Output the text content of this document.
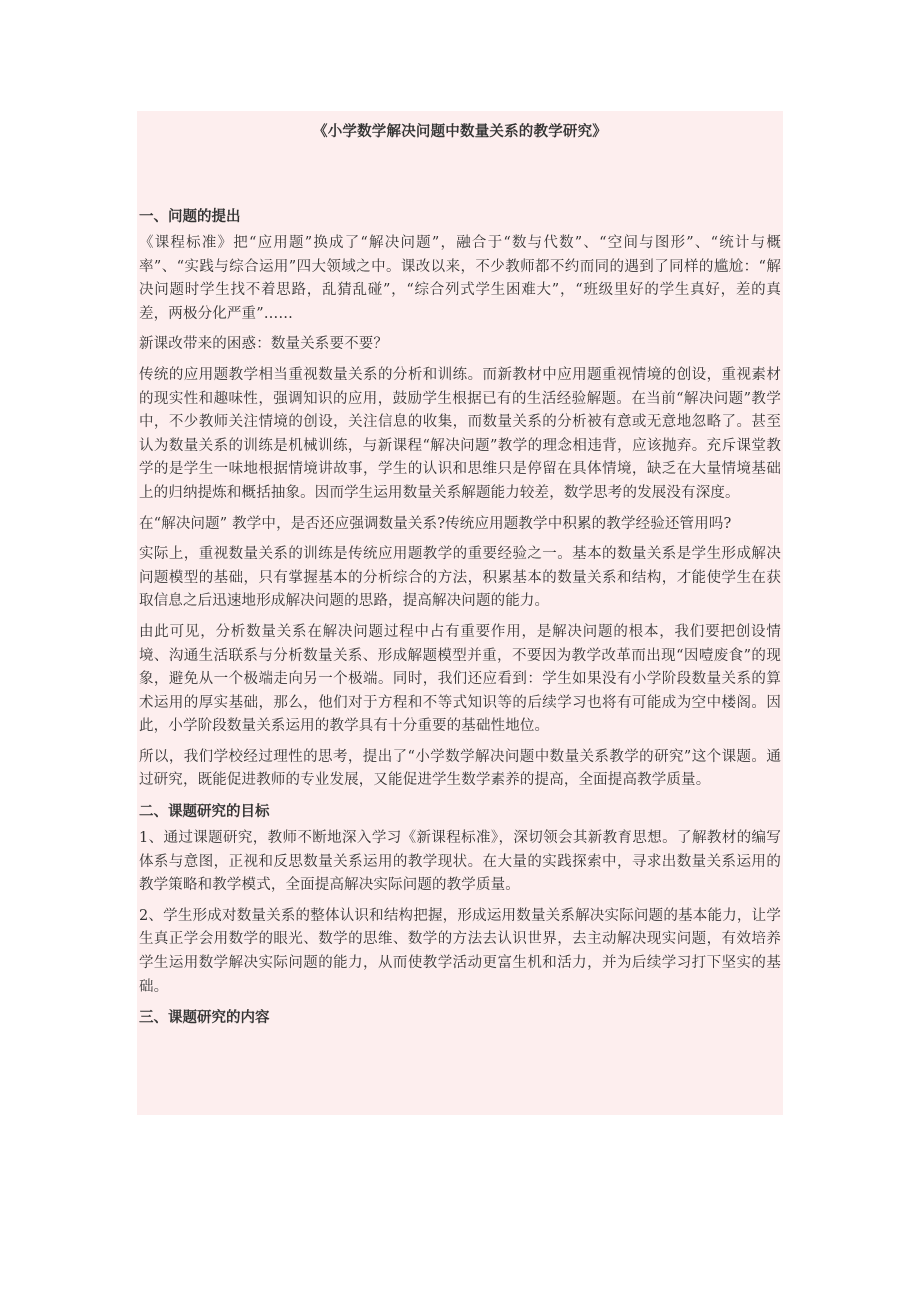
《小学数学解决问题中数量关系的教学研究》
一、问题的提出

《课程标准》把“应用题”换成了“解决问题”，融合于“数与代数”、“空间与图形”、“统计与概率”、“实践与综合运用”四大领域之中。课改以来，不少教师都不约而同的遇到了同样的尴尬：“解决问题时学生找不着思路，乱猜乱碰”，“综合列式学生困难大”，“班级里好的学生真好，差的真差，两极分化严重”……

新课改带来的困惑：数量关系要不要？

传统的应用题教学相当重视数量关系的分析和训练。而新教材中应用题重视情境的创设，重视素材的现实性和趣味性，强调知识的应用，鼓励学生根据已有的生活经验解题。在当前“解决问题”教学中，不少教师关注情境的创设，关注信息的收集，而数量关系的分析被有意或无意地忽略了。甚至认为数量关系的训练是机械训练，与新课程“解决问题”教学的理念相违背，应该抛弃。充斥课堂教学的是学生一味地根据情境讲故事，学生的认识和思维只是停留在具体情境，缺乏在大量情境基础上的归纳提炼和概括抽象。因而学生运用数量关系解题能力较差，数学思考的发展没有深度。

在“解决问题” 教学中，是否还应强调数量关系?传统应用题教学中积累的教学经验还管用吗?

实际上，重视数量关系的训练是传统应用题教学的重要经验之一。基本的数量关系是学生形成解决问题模型的基础，只有掌握基本的分析综合的方法，积累基本的数量关系和结构，才能使学生在获取信息之后迅速地形成解决问题的思路，提高解决问题的能力。

由此可见，分析数量关系在解决问题过程中占有重要作用，是解决问题的根本，我们要把创设情境、沟通生活联系与分析数量关系、形成解题模型并重，不要因为教学改革而出现“因噎废食”的现象，避免从一个极端走向另一个极端。同时，我们还应看到：学生如果没有小学阶段数量关系的算术运用的厚实基础，那么，他们对于方程和不等式知识等的后续学习也将有可能成为空中楼阁。因此，小学阶段数量关系运用的教学具有十分重要的基础性地位。

所以，我们学校经过理性的思考，提出了“小学数学解决问题中数量关系教学的研究”这个课题。通过研究，既能促进教师的专业发展，又能促进学生数学素养的提高，全面提高教学质量。

二、课题研究的目标

1、通过课题研究，教师不断地深入学习《新课程标准》，深切领会其新教育思想。了解教材的编写体系与意图，正视和反思数量关系运用的教学现状。在大量的实践探索中，寻求出数量关系运用的教学策略和教学模式，全面提高解决实际问题的教学质量。

2、学生形成对数量关系的整体认识和结构把握，形成运用数量关系解决实际问题的基本能力，让学生真正学会用数学的眼光、数学的思维、数学的方法去认识世界，去主动解决现实问题，有效培养学生运用数学解决实际问题的能力，从而使教学活动更富生机和活力，并为后续学习打下坚实的基础。

三、课题研究的内容
